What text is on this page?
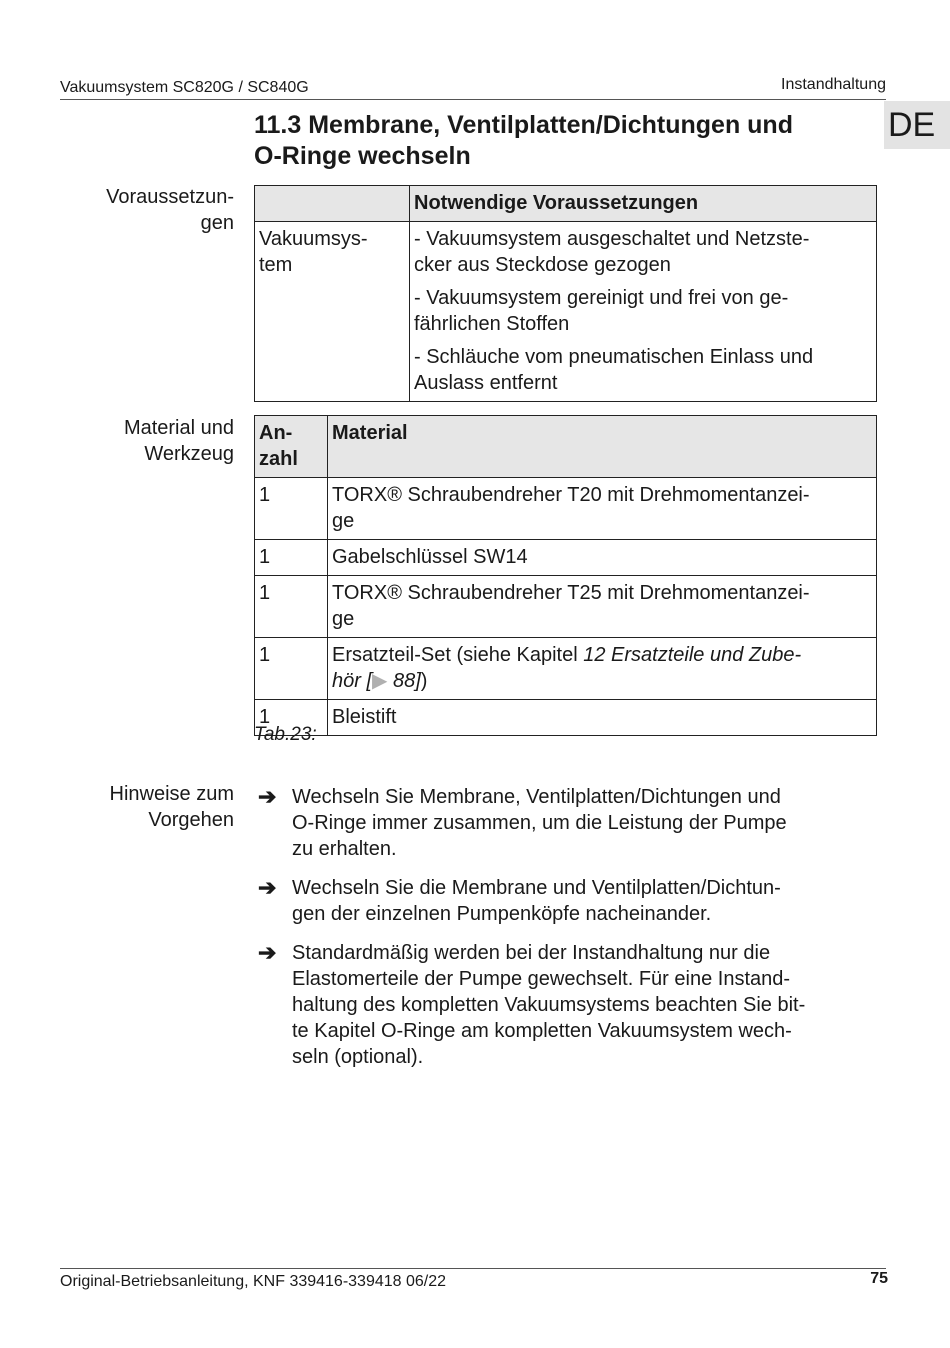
Vakuumsystem SC820G / SC840G	Instandhaltung
DE
11.3 Membrane, Ventilplatten/Dichtungen und
O-Ringe wechseln
Voraussetzun-
gen
	Notwendige Voraussetzungen
Vakuumsys-
tem	- Vakuumsystem ausgeschaltet und Netzste-
cker aus Steckdose gezogen
	- Vakuumsystem gereinigt und frei von ge-
fährlichen Stoffen
	- Schläuche vom pneumatischen Einlass und
Auslass entfernt
Material und
Werkzeug
An-
zahl	Material
1	TORX® Schraubendreher T20 mit Drehmomentanzei-
ge
1	Gabelschlüssel SW14
1	TORX® Schraubendreher T25 mit Drehmomentanzei-
ge
1	Ersatzteil-Set (siehe Kapitel 12 Ersatzteile und Zube-
hör [▶ 88])
1	Bleistift
Tab.23:
Hinweise zum
Vorgehen
➔ Wechseln Sie Membrane, Ventilplatten/Dichtungen und
O-Ringe immer zusammen, um die Leistung der Pumpe
zu erhalten.
➔ Wechseln Sie die Membrane und Ventilplatten/Dichtun-
gen der einzelnen Pumpenköpfe nacheinander.
➔ Standardmäßig werden bei der Instandhaltung nur die
Elastomerteile der Pumpe gewechselt. Für eine Instand-
haltung des kompletten Vakuumsystems beachten Sie bit-
te Kapitel O-Ringe am kompletten Vakuumsystem wech-
seln (optional).
Original-Betriebsanleitung, KNF 339416-339418 06/22	75
